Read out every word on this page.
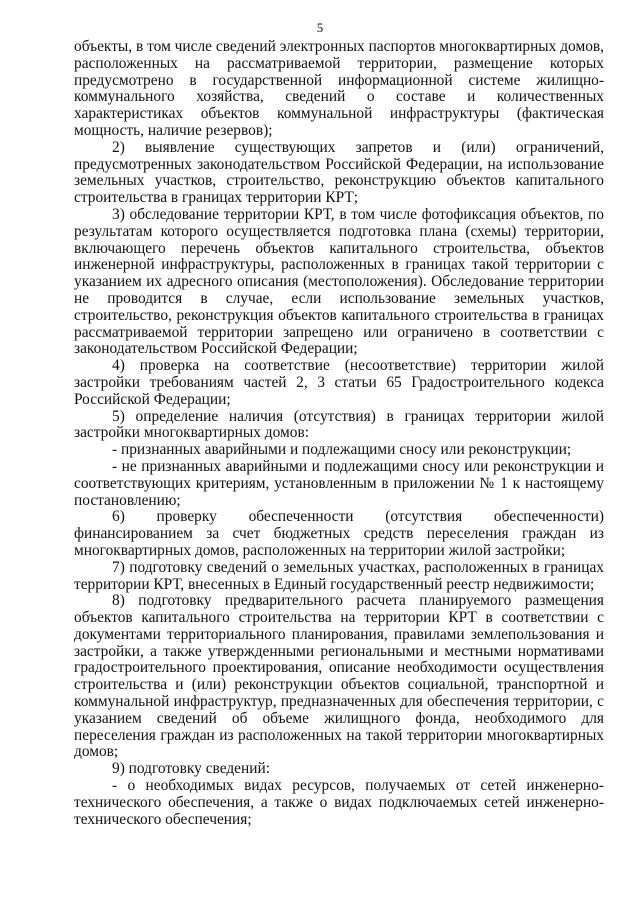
5

объекты, в том числе сведений электронных паспортов многоквартирных домов, расположенных на рассматриваемой территории, размещение которых предусмотрено в государственной информационной системе жилищно-коммунального хозяйства, сведений о составе и количественных характеристиках объектов коммунальной инфраструктуры (фактическая мощность, наличие резервов);

2) выявление существующих запретов и (или) ограничений, предусмотренных законодательством Российской Федерации, на использование земельных участков, строительство, реконструкцию объектов капитального строительства в границах территории КРТ;

3) обследование территории КРТ, в том числе фотофиксация объектов, по результатам которого осуществляется подготовка плана (схемы) территории, включающего перечень объектов капитального строительства, объектов инженерной инфраструктуры, расположенных в границах такой территории с указанием их адресного описания (местоположения). Обследование территории не проводится в случае, если использование земельных участков, строительство, реконструкция объектов капитального строительства в границах рассматриваемой территории запрещено или ограничено в соответствии с законодательством Российской Федерации;

4) проверка на соответствие (несоответствие) территории жилой застройки требованиям частей 2, 3 статьи 65 Градостроительного кодекса Российской Федерации;

5) определение наличия (отсутствия) в границах территории жилой застройки многоквартирных домов:

- признанных аварийными и подлежащими сносу или реконструкции;

- не признанных аварийными и подлежащими сносу или реконструкции и соответствующих критериям, установленным в приложении № 1 к настоящему постановлению;

6) проверку обеспеченности (отсутствия обеспеченности) финансированием за счет бюджетных средств переселения граждан из многоквартирных домов, расположенных на территории жилой застройки;

7) подготовку сведений о земельных участках, расположенных в границах территории КРТ, внесенных в Единый государственный реестр недвижимости;

8) подготовку предварительного расчета планируемого размещения объектов капитального строительства на территории КРТ в соответствии с документами территориального планирования, правилами землепользования и застройки, а также утвержденными региональными и местными нормативами градостроительного проектирования, описание необходимости осуществления строительства и (или) реконструкции объектов социальной, транспортной и коммунальной инфраструктур, предназначенных для обеспечения территории, с указанием сведений об объеме жилищного фонда, необходимого для переселения граждан из расположенных на такой территории многоквартирных домов;

9) подготовку сведений:

- о необходимых видах ресурсов, получаемых от сетей инженерно-технического обеспечения, а также о видах подключаемых сетей инженерно-технического обеспечения;
